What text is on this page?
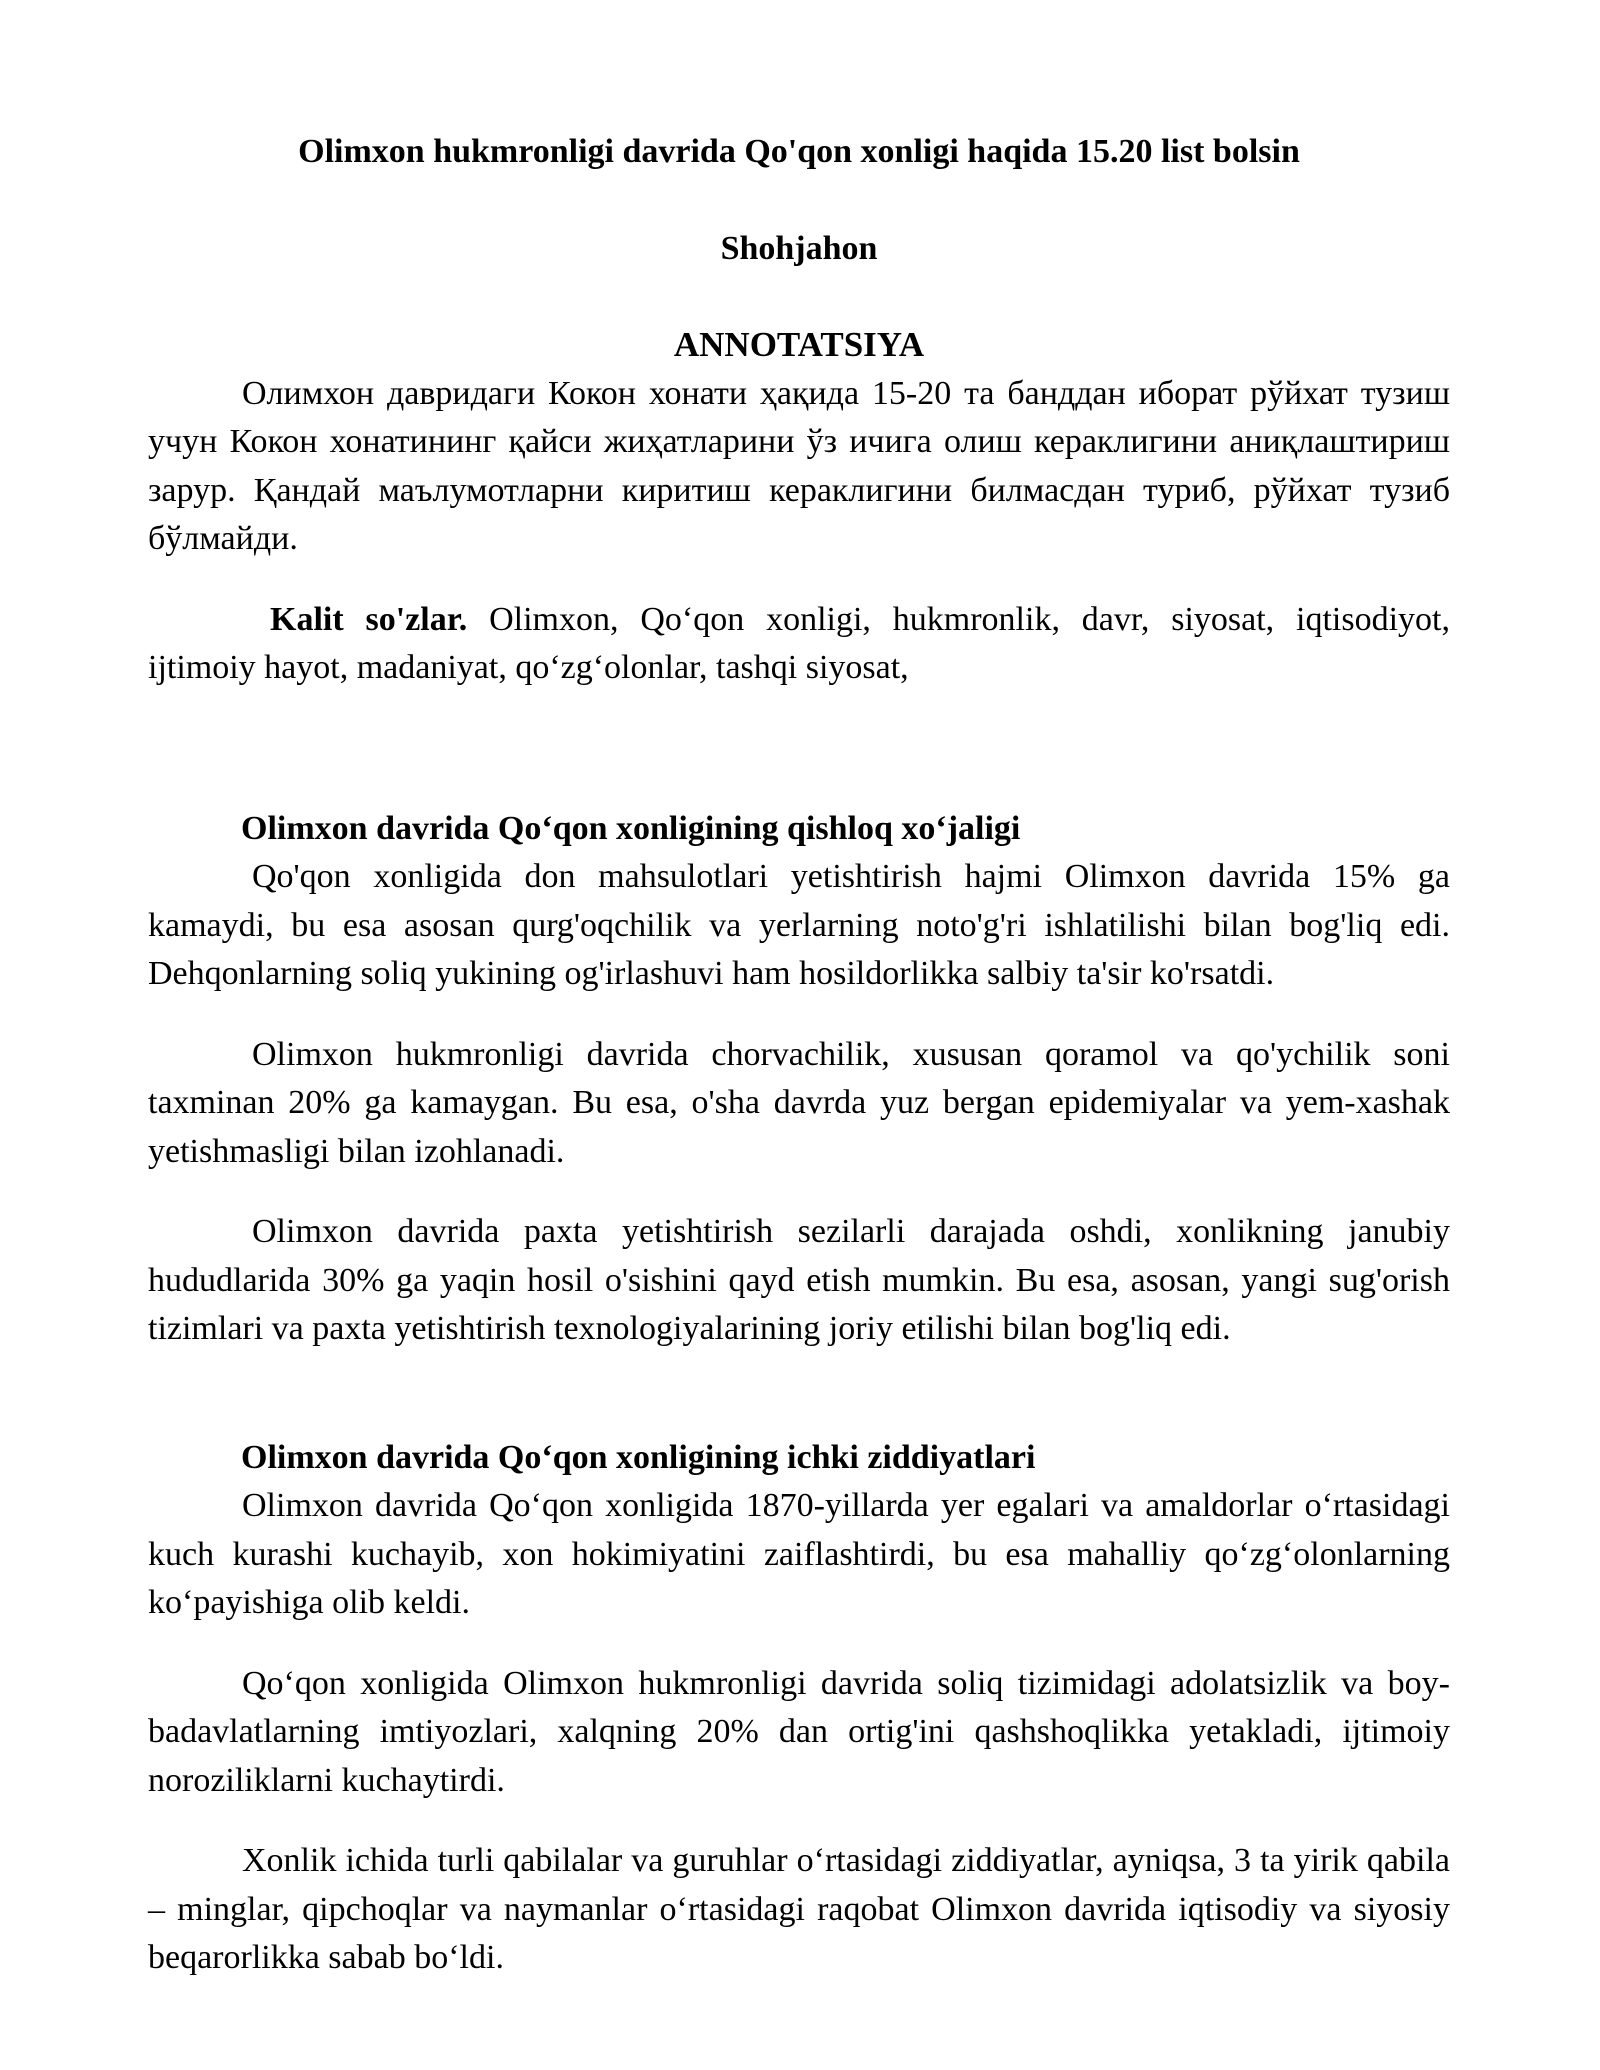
Olimxon hukmronligi davrida Qo'qon xonligi haqida 15.20 list bolsin

Shohjahon

ANNOTATSIYA

Олимхон давридаги Кокон хонати ҳақида 15-20 та банддан иборат рўйхат тузиш учун Кокон хонатининг қайси жиҳатларини ўз ичига олиш кераклигини аниқлаштириш зарур. Қандай маълумотларни киритиш кераклигини билмасдан туриб, рўйхат тузиб бўлмайди.

Kalit so'zlar. Olimxon, Qo‘qon xonligi, hukmronlik, davr, siyosat, iqtisodiyot, ijtimoiy hayot, madaniyat, qo‘zg‘olonlar, tashqi siyosat,

Olimxon davrida Qo‘qon xonligining qishloq xo‘jaligi

Qo'qon xonligida don mahsulotlari yetishtirish hajmi Olimxon davrida 15% ga kamaydi, bu esa asosan qurg'oqchilik va yerlarning noto'g'ri ishlatilishi bilan bog'liq edi. Dehqonlarning soliq yukining og'irlashuvi ham hosildorlikka salbiy ta'sir ko'rsatdi.

Olimxon hukmronligi davrida chorvachilik, xususan qoramol va qo'ychilik soni taxminan 20% ga kamaygan. Bu esa, o'sha davrda yuz bergan epidemiyalar va yem-xashak yetishmasligi bilan izohlanadi.

Olimxon davrida paxta yetishtirish sezilarli darajada oshdi, xonlikning janubiy hududlarida 30% ga yaqin hosil o'sishini qayd etish mumkin. Bu esa, asosan, yangi sug'orish tizimlari va paxta yetishtirish texnologiyalarining joriy etilishi bilan bog'liq edi.

Olimxon davrida Qo‘qon xonligining ichki ziddiyatlari

Olimxon davrida Qo‘qon xonligida 1870-yillarda yer egalari va amaldorlar o‘rtasidagi kuch kurashi kuchayib, xon hokimiyatini zaiflashtirdi, bu esa mahalliy qo‘zg‘olonlarning ko‘payishiga olib keldi.

Qo‘qon xonligida Olimxon hukmronligi davrida soliq tizimidagi adolatsizlik va boy-badavlatlarning imtiyozlari, xalqning 20% dan ortig'ini qashshoqlikka yetakladi, ijtimoiy noroziliklarni kuchaytirdi.

Xonlik ichida turli qabilalar va guruhlar o‘rtasidagi ziddiyatlar, ayniqsa, 3 ta yirik qabila – minglar, qipchoqlar va naymanlar o‘rtasidagi raqobat Olimxon davrida iqtisodiy va siyosiy beqarorlikka sabab bo‘ldi.
